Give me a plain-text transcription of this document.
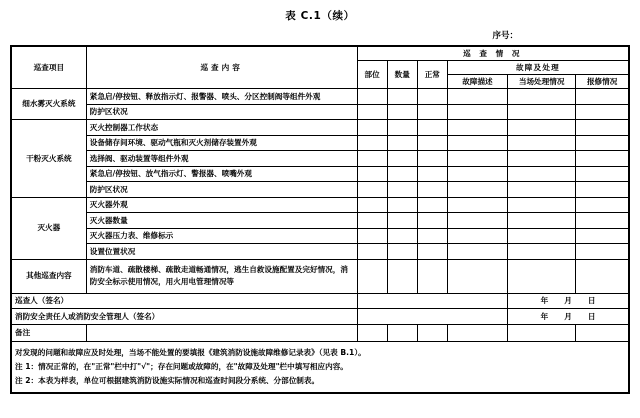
表 C.1（续）
序号：
巡查项目	巡查内容	巡 查 情 况					
		部位	数量	正常	故障及处理		
					故障描述	当场处理情况	报修情况
细水雾灭火系统	紧急启/停按钮、释放指示灯、报警器、喷头、分区控制阀等组件外观						
	防护区状况						
干粉灭火系统	灭火控制器工作状态						
	设备储存间环境、驱动气瓶和灭火剂储存装置外观						
	选择阀、驱动装置等组件外观						
	紧急启/停按钮、放气指示灯、警报器、喷嘴外观						
	防护区状况						
灭火器	灭火器外观						
	灭火器数量						
	灭火器压力表、维修标示						
	设置位置状况						
其他巡查内容	消防车道、疏散楼梯、疏散走道畅通情况，逃生自救设施配置及完好情况，消防安全标示使用情况，用火用电管理情况等						
巡查人（签名）						年 月 日	
消防安全责任人或消防安全管理人（签名）						年 月 日	
备注							

对发现的问题和故障应及时处理，当场不能处置的要填报《建筑消防设施故障维修记录表》（见表 B.1）。
注 1：情况正常的，在"正常"栏中打"√"；存在问题或故障的，在"故障及处理"栏中填写相应内容。
注 2：本表为样表，单位可根据建筑消防设施实际情况和巡查时间段分系统、分部位制表。							
